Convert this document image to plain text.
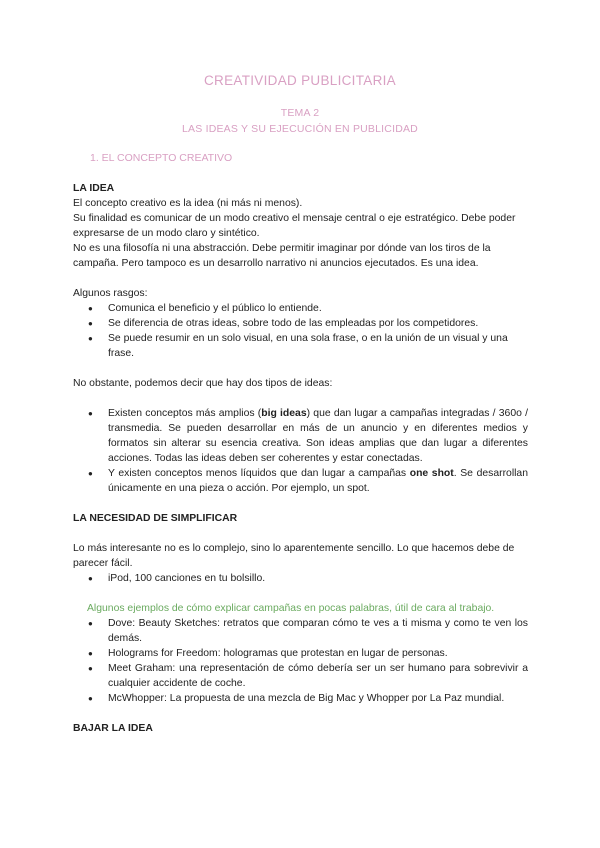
CREATIVIDAD PUBLICITARIA
TEMA 2
LAS IDEAS Y SU EJECUCIÓN EN PUBLICIDAD
1. EL CONCEPTO CREATIVO

LA IDEA

El concepto creativo es la idea (ni más ni menos).

Su finalidad es comunicar de un modo creativo el mensaje central o eje estratégico. Debe poder expresarse de un modo claro y sintético.

No es una filosofía ni una abstracción. Debe permitir imaginar por dónde van los tiros de la campaña. Pero tampoco es un desarrollo narrativo ni anuncios ejecutados. Es una idea.

Algunos rasgos:

● Comunica el beneficio y el público lo entiende.
● Se diferencia de otras ideas, sobre todo de las empleadas por los competidores.
● Se puede resumir en un solo visual, en una sola frase, o en la unión de un visual y una frase.

No obstante, podemos decir que hay dos tipos de ideas:

● Existen conceptos más amplios (big ideas) que dan lugar a campañas integradas / 360o / transmedia. Se pueden desarrollar en más de un anuncio y en diferentes medios y formatos sin alterar su esencia creativa. Son ideas amplias que dan lugar a diferentes acciones. Todas las ideas deben ser coherentes y estar conectadas.
● Y existen conceptos menos líquidos que dan lugar a campañas one shot. Se desarrollan únicamente en una pieza o acción. Por ejemplo, un spot.

LA NECESIDAD DE SIMPLIFICAR

Lo más interesante no es lo complejo, sino lo aparentemente sencillo. Lo que hacemos debe de parecer fácil.

● iPod, 100 canciones en tu bolsillo.

Algunos ejemplos de cómo explicar campañas en pocas palabras, útil de cara al trabajo.

● Dove: Beauty Sketches: retratos que comparan cómo te ves a ti misma y como te ven los demás.
● Holograms for Freedom: hologramas que protestan en lugar de personas.
● Meet Graham: una representación de cómo debería ser un ser humano para sobrevivir a cualquier accidente de coche.
● McWhopper: La propuesta de una mezcla de Big Mac y Whopper por La Paz mundial.

BAJAR LA IDEA
